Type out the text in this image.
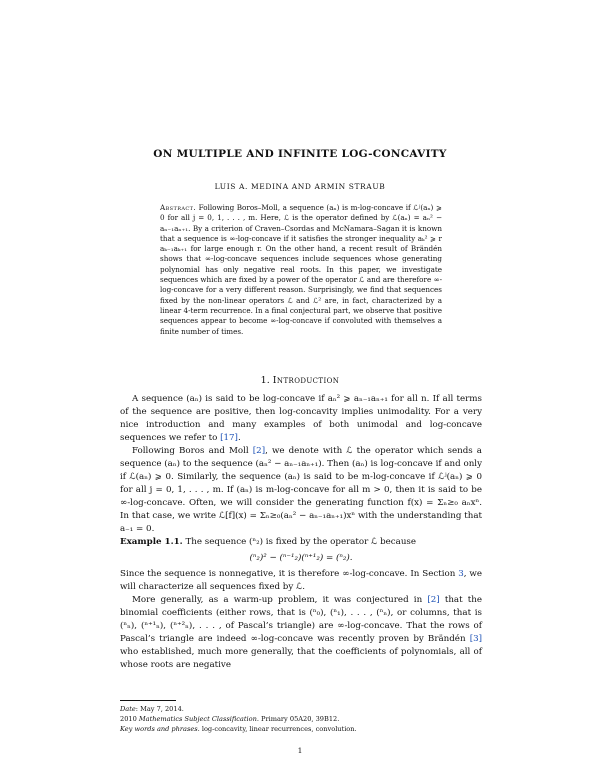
ON MULTIPLE AND INFINITE LOG-CONCAVITY
LUIS A. MEDINA AND ARMIN STRAUB
Abstract. Following Boros–Moll, a sequence (aₙ) is m-log-concave if ℒʲ(aₙ) ⩾ 0 for all j = 0, 1, . . . , m. Here, ℒ is the operator defined by ℒ(aₙ) = aₙ² − aₙ₋₁aₙ₊₁. By a criterion of Craven–Csordas and McNamara–Sagan it is known that a sequence is ∞-log-concave if it satisfies the stronger inequality aₖ² ⩾ r aₖ₋₁aₖ₊₁ for large enough r. On the other hand, a recent result of Brändén shows that ∞-log-concave sequences include sequences whose generating polynomial has only negative real roots. In this paper, we investigate sequences which are fixed by a power of the operator ℒ and are therefore ∞-log-concave for a very different reason. Surprisingly, we find that sequences fixed by the non-linear operators ℒ and ℒ² are, in fact, characterized by a linear 4-term recurrence. In a final conjectural part, we observe that positive sequences appear to become ∞-log-concave if convoluted with themselves a finite number of times.
1. Introduction

A sequence (aₙ) is said to be log-concave if aₙ² ⩾ aₙ₋₁aₙ₊₁ for all n. If all terms of the sequence are positive, then log-concavity implies unimodality. For a very nice introduction and many examples of both unimodal and log-concave sequences we refer to [17].

Following Boros and Moll [2], we denote with ℒ the operator which sends a sequence (aₙ) to the sequence (aₙ² − aₙ₋₁aₙ₊₁). Then (aₙ) is log-concave if and only if ℒ(aₙ) ⩾ 0. Similarly, the sequence (aₙ) is said to be m-log-concave if ℒʲ(aₙ) ⩾ 0 for all j = 0, 1, . . . , m. If (aₙ) is m-log-concave for all m > 0, then it is said to be ∞-log-concave. Often, we will consider the generating function f(x) = Σₙ≥₀ aₙxⁿ. In that case, we write ℒ[f](x) = Σₙ≥₀(aₙ² − aₙ₋₁aₙ₊₁)xⁿ with the understanding that a₋₁ = 0.

Example 1.1. The sequence (ⁿ₂) is fixed by the operator ℒ because

(ⁿ₂)² − (ⁿ⁻¹₂)(ⁿ⁺¹₂) = (ⁿ₂).

Since the sequence is nonnegative, it is therefore ∞-log-concave. In Section 3, we will characterize all sequences fixed by ℒ.

More generally, as a warm-up problem, it was conjectured in [2] that the binomial coefficients (either rows, that is (ⁿ₀), (ⁿ₁), . . . , (ⁿₙ), or columns, that is (ⁿₙ), (ⁿ⁺¹ₙ), (ⁿ⁺²ₙ), . . . , of Pascal’s triangle) are ∞-log-concave. That the rows of Pascal’s triangle are indeed ∞-log-concave was recently proven by Brändén [3] who established, much more generally, that the coefficients of polynomials, all of whose roots are negative

Date: May 7, 2014.
2010 Mathematics Subject Classification. Primary 05A20, 39B12.
Key words and phrases. log-concavity, linear recurrences, convolution.
1
